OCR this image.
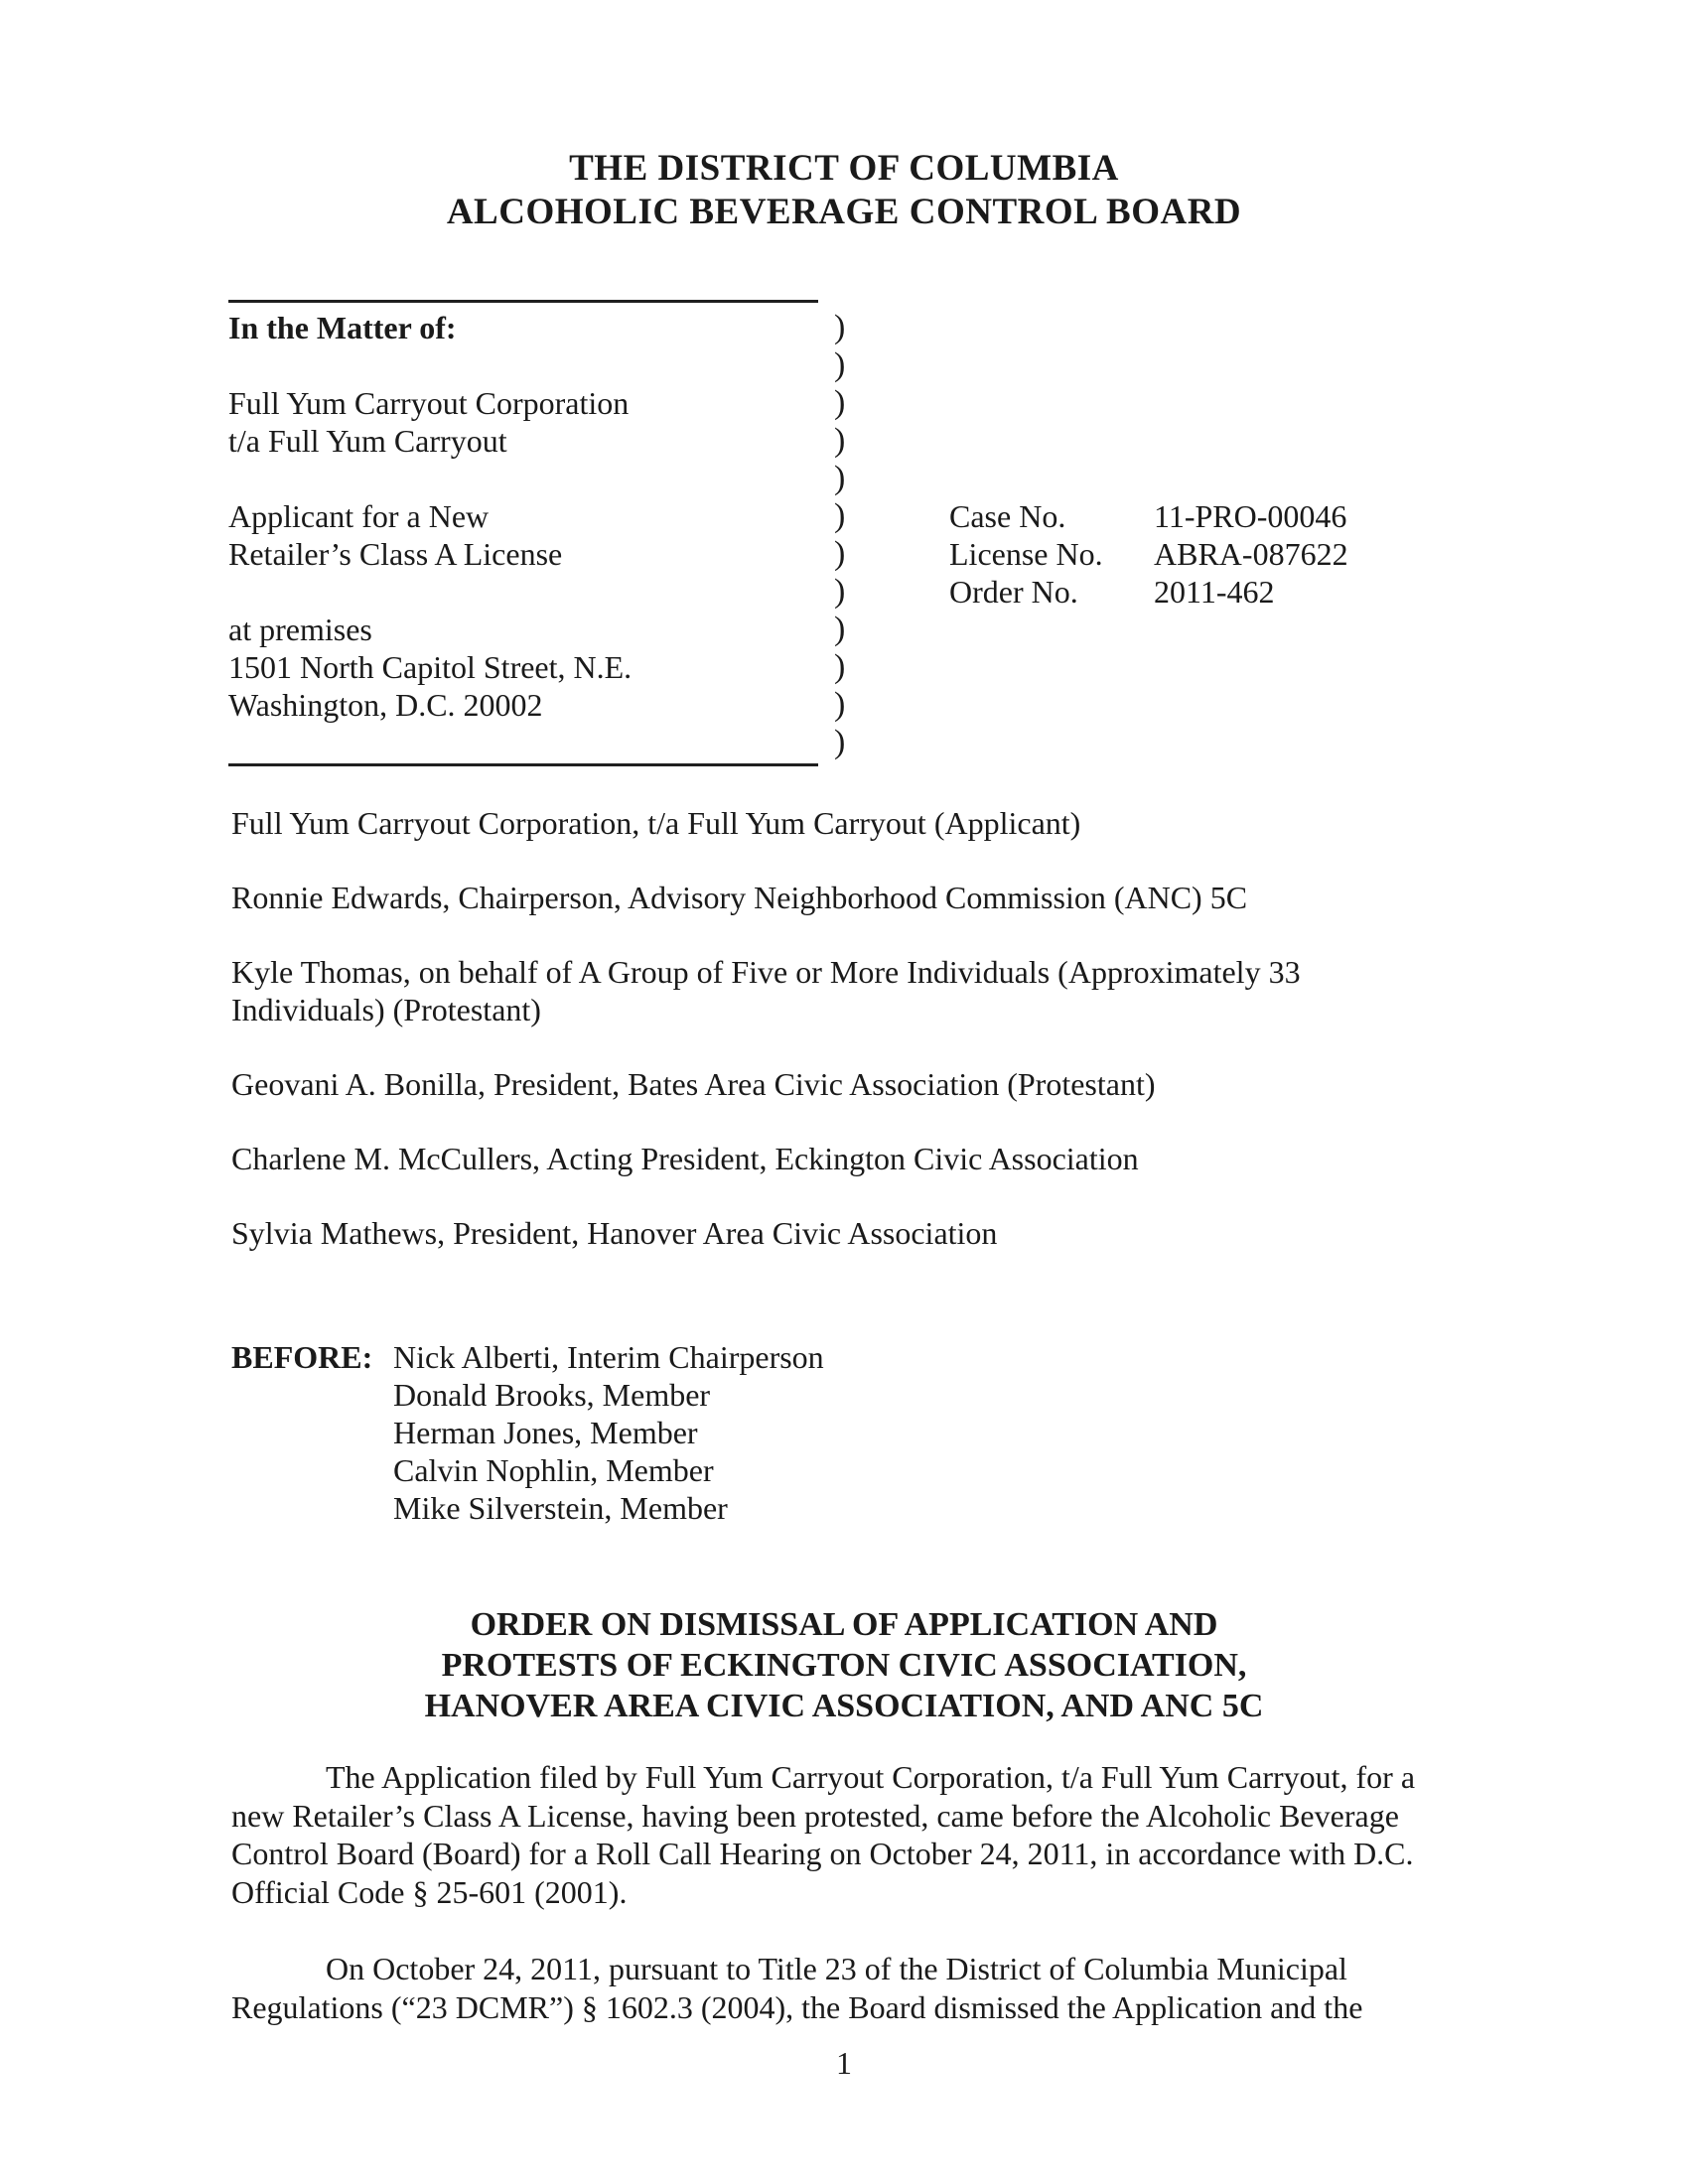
THE DISTRICT OF COLUMBIA
ALCOHOLIC BEVERAGE CONTROL BOARD
In the Matter of:	)
)
Full Yum Carryout Corporation	)
t/a Full Yum Carryout	)
)
Applicant for a New	)	Case No.	11-PRO-00046
Retailer’s Class A License	)	License No.	ABRA-087622
)	Order No.	2011-462
at premises	)
1501 North Capitol Street, N.E.	)
Washington, D.C. 20002	)
)

Full Yum Carryout Corporation, t/a Full Yum Carryout (Applicant)

Ronnie Edwards, Chairperson, Advisory Neighborhood Commission (ANC) 5C

Kyle Thomas, on behalf of A Group of Five or More Individuals (Approximately 33 Individuals) (Protestant)

Geovani A. Bonilla, President, Bates Area Civic Association (Protestant)

Charlene M. McCullers, Acting President, Eckington Civic Association

Sylvia Mathews, President, Hanover Area Civic Association

BEFORE: Nick Alberti, Interim Chairperson
Donald Brooks, Member
Herman Jones, Member
Calvin Nophlin, Member
Mike Silverstein, Member
ORDER ON DISMISSAL OF APPLICATION AND
PROTESTS OF ECKINGTON CIVIC ASSOCIATION,
HANOVER AREA CIVIC ASSOCIATION, AND ANC 5C

The Application filed by Full Yum Carryout Corporation, t/a Full Yum Carryout, for a new Retailer’s Class A License, having been protested, came before the Alcoholic Beverage Control Board (Board) for a Roll Call Hearing on October 24, 2011, in accordance with D.C. Official Code § 25-601 (2001).

On October 24, 2011, pursuant to Title 23 of the District of Columbia Municipal Regulations (“23 DCMR”) § 1602.3 (2004), the Board dismissed the Application and the

1
